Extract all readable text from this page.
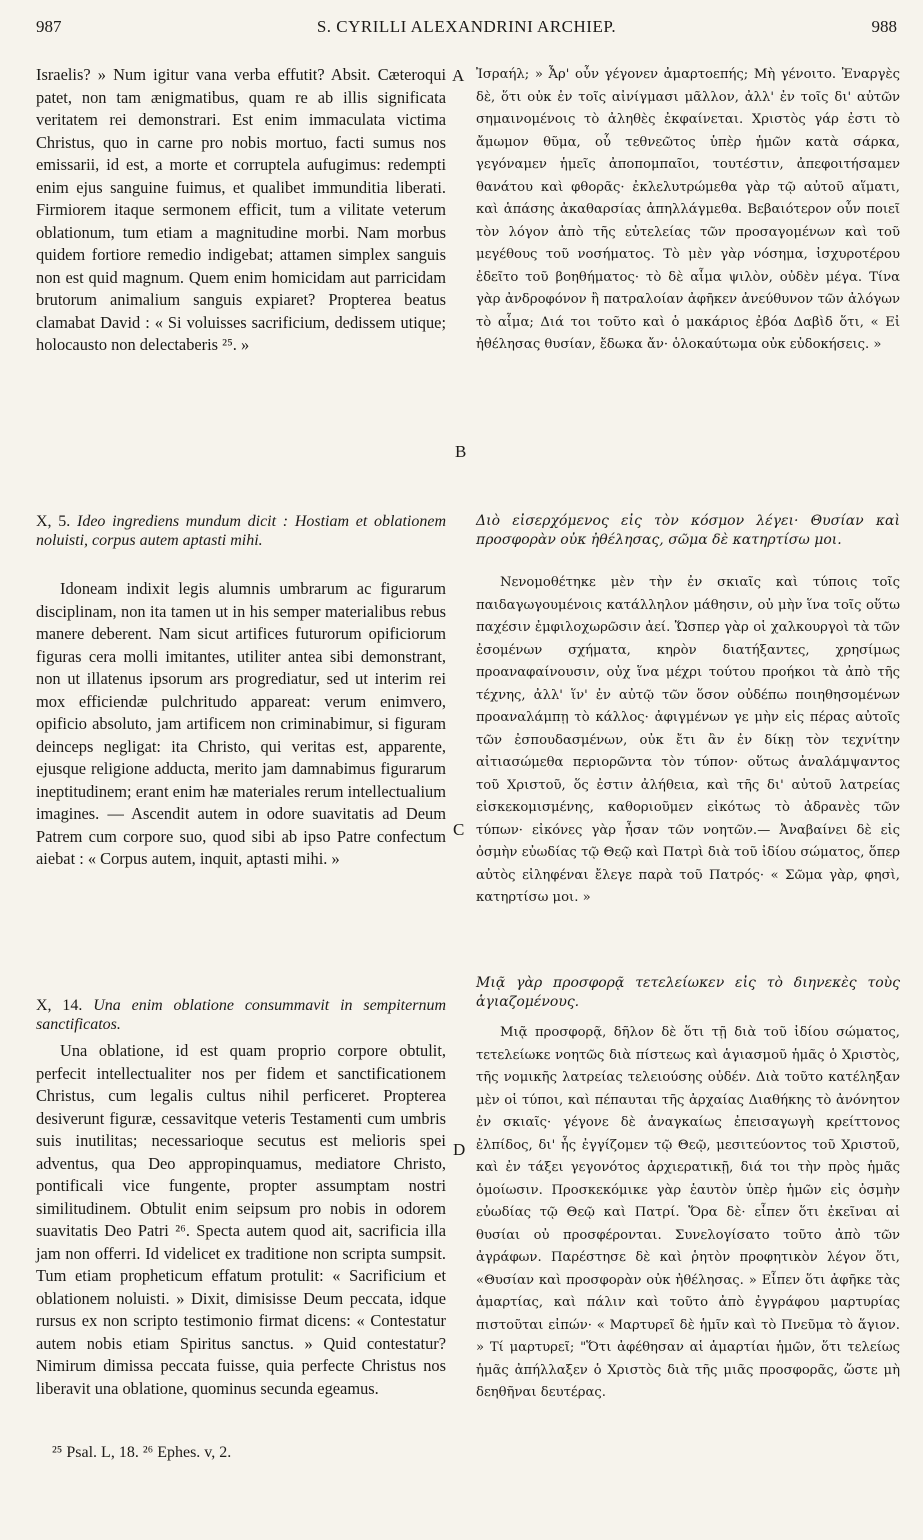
987	S. CYRILLI ALEXANDRINI ARCHIEP.	988

Israelis? » Num igitur vana verba effutit? Absit. Cæteroqui patet, non tam ænigmatibus, quam re ab illis significata veritatem rei demonstrari. Est enim immaculata victima Christus, quo in carne pro nobis mortuo, facti sumus nos emissarii, id est, a morte et corruptela aufugimus: redempti enim ejus sanguine fuimus, et qualibet immunditia liberati. Firmiorem itaque sermonem efficit, tum a vilitate veterum oblationum, tum etiam a magnitudine morbi. Nam morbus quidem fortiore remedio indigebat; attamen simplex sanguis non est quid magnum. Quem enim homicidam aut parricidam brutorum animalium sanguis expiaret? Propterea beatus clamabat David : « Si voluisses sacrificium, dedissem utique; holocausto non delectaberis ²⁵. »

X, 5. Ideo ingrediens mundum dicit : Hostiam et oblationem noluisti, corpus autem aptasti mihi.

Idoneam indixit legis alumnis umbrarum ac figurarum disciplinam, non ita tamen ut in his semper materialibus rebus manere deberent. Nam sicut artifices futurorum opificiorum figuras cera molli imitantes, utiliter antea sibi demonstrant, non ut illatenus ipsorum ars progrediatur, sed ut interim rei mox efficiendæ pulchritudo appareat: verum enimvero, opificio absoluto, jam artificem non criminabimur, si figuram deinceps negligat: ita Christo, qui veritas est, apparente, ejusque religione adducta, merito jam damnabimus figurarum ineptitudinem; erant enim hæ materiales rerum intellectualium imagines. — Ascendit autem in odore suavitatis ad Deum Patrem cum corpore suo, quod sibi ab ipso Patre confectum aiebat : « Corpus autem, inquit, aptasti mihi. »

X, 14. Una enim oblatione consummavit in sempiternum sanctificatos.

Una oblatione, id est quam proprio corpore obtulit, perfecit intellectualiter nos per fidem et sanctificationem Christus, cum legalis cultus nihil perficeret. Propterea desiverunt figuræ, cessavitque veteris Testamenti cum umbris suis inutilitas; necessarioque secutus est melioris spei adventus, qua Deo appropinquamus, mediatore Christo, pontificali vice fungente, propter assumptam nostri similitudinem. Obtulit enim seipsum pro nobis in odorem suavitatis Deo Patri ²⁶. Specta autem quod ait, sacrificia illa jam non offerri. Id videlicet ex traditione non scripta sumpsit. Tum etiam propheticum effatum protulit: « Sacrificium et oblationem noluisti. » Dixit, dimisisse Deum peccata, idque rursus ex non scripto testimonio firmat dicens: « Contestatur autem nobis etiam Spiritus sanctus. » Quid contestatur? Nimirum dimissa peccata fuisse, quia perfecte Christus nos liberavit una oblatione, quominus secunda egeamus.

Ἰσραήλ; » Ἆρ' οὖν γέγονεν ἀμαρτοεπής; Μὴ γένοιτο. Ἐναργὲς δὲ, ὅτι οὐκ ἐν τοῖς αἰνίγμασι μᾶλλον, ἀλλ' ἐν τοῖς δι' αὐτῶν σημαινομένοις τὸ ἀληθὲς ἐκφαίνεται. Χριστὸς γάρ ἐστι τὸ ἄμωμον θῦμα, οὗ τεθνεῶτος ὑπὲρ ἡμῶν κατὰ σάρκα, γεγόναμεν ἡμεῖς ἀποπομπαῖοι, τουτέστιν, ἀπεφοιτήσαμεν θανάτου καὶ φθορᾶς· ἐκλελυτρώμεθα γὰρ τῷ αὐτοῦ αἵματι, καὶ ἁπάσης ἀκαθαρσίας ἀπηλλάγμεθα. Βεβαιότερον οὖν ποιεῖ τὸν λόγον ἀπὸ τῆς εὐτελείας τῶν προσαγομένων καὶ τοῦ μεγέθους τοῦ νοσήματος. Τὸ μὲν γὰρ νόσημα, ἰσχυροτέρου ἐδεῖτο τοῦ βοηθήματος· τὸ δὲ αἷμα ψιλὸν, οὐδὲν μέγα. Τίνα γὰρ ἀνδροφόνον ἢ πατραλοίαν ἀφῆκεν ἀνεύθυνον τῶν ἀλόγων τὸ αἷμα; Διά τοι τοῦτο καὶ ὁ μακάριος ἐβόα Δαβὶδ ὅτι, « Εἰ ἠθέλησας θυσίαν, ἔδωκα ἄν· ὁλοκαύτωμα οὐκ εὐδοκήσεις. »

Διὸ εἰσερχόμενος εἰς τὸν κόσμον λέγει· Θυσίαν καὶ προσφορὰν οὐκ ἠθέλησας, σῶμα δὲ κατηρτίσω μοι.

Νενομοθέτηκε μὲν τὴν ἐν σκιαῖς καὶ τύποις τοῖς παιδαγωγουμένοις κατάλληλον μάθησιν, οὐ μὴν ἵνα τοῖς οὕτω παχέσιν ἐμφιλοχωρῶσιν ἀεί. Ὥσπερ γὰρ οἱ χαλκουργοὶ τὰ τῶν ἐσομένων σχήματα, κηρὸν διατήξαντες, χρησίμως προαναφαίνουσιν, οὐχ ἵνα μέχρι τούτου προήκοι τὰ ἀπὸ τῆς τέχνης, ἀλλ' ἵν' ἐν αὐτῷ τῶν ὅσον οὐδέπω ποιηθησομένων προαναλάμπῃ τὸ κάλλος· ἀφιγμένων γε μὴν εἰς πέρας αὐτοῖς τῶν ἐσπουδασμένων, οὐκ ἔτι ἂν ἐν δίκῃ τὸν τεχνίτην αἰτιασώμεθα περιορῶντα τὸν τύπον· οὕτως ἀναλάμψαντος τοῦ Χριστοῦ, ὅς ἐστιν ἀλήθεια, καὶ τῆς δι' αὐτοῦ λατρείας εἰσκεκομισμένης, καθοριοῦμεν εἰκότως τὸ ἀδρανὲς τῶν τύπων· εἰκόνες γὰρ ἦσαν τῶν νοητῶν.— Ἀναβαίνει δὲ εἰς ὀσμὴν εὐωδίας τῷ Θεῷ καὶ Πατρὶ διὰ τοῦ ἰδίου σώματος, ὅπερ αὐτὸς εἰληφέναι ἔλεγε παρὰ τοῦ Πατρός· « Σῶμα γὰρ, φησὶ, κατηρτίσω μοι. »

Μιᾷ γὰρ προσφορᾷ τετελείωκεν εἰς τὸ διηνεκὲς τοὺς ἁγιαζομένους.

Μιᾷ προσφορᾷ, δῆλον δὲ ὅτι τῇ διὰ τοῦ ἰδίου σώματος, τετελείωκε νοητῶς διὰ πίστεως καὶ ἁγιασμοῦ ἡμᾶς ὁ Χριστὸς, τῆς νομικῆς λατρείας τελειούσης οὐδέν. Διὰ τοῦτο κατέληξαν μὲν οἱ τύποι, καὶ πέπαυται τῆς ἀρχαίας Διαθήκης τὸ ἀνόνητον ἐν σκιαῖς· γέγονε δὲ ἀναγκαίως ἐπεισαγωγὴ κρείττονος ἐλπίδος, δι' ἧς ἐγγίζομεν τῷ Θεῷ, μεσιτεύοντος τοῦ Χριστοῦ, καὶ ἐν τάξει γεγονότος ἀρχιερατικῇ, διά τοι τὴν πρὸς ἡμᾶς ὁμοίωσιν. Προσκεκόμικε γὰρ ἑαυτὸν ὑπὲρ ἡμῶν εἰς ὀσμὴν εὐωδίας τῷ Θεῷ καὶ Πατρί. Ὅρα δὲ· εἶπεν ὅτι ἐκεῖναι αἱ θυσίαι οὐ προσφέρονται. Συνελογίσατο τοῦτο ἀπὸ τῶν ἀγράφων. Παρέστησε δὲ καὶ ῥητὸν προφητικὸν λέγον ὅτι, «Θυσίαν καὶ προσφορὰν οὐκ ἠθέλησας. » Εἶπεν ὅτι ἀφῆκε τὰς ἁμαρτίας, καὶ πάλιν καὶ τοῦτο ἀπὸ ἐγγράφου μαρτυρίας πιστοῦται εἰπών· « Μαρτυρεῖ δὲ ἡμῖν καὶ τὸ Πνεῦμα τὸ ἅγιον. » Τί μαρτυρεῖ; "Ὅτι ἀφέθησαν αἱ ἁμαρτίαι ἡμῶν, ὅτι τελείως ἡμᾶς ἀπήλλαξεν ὁ Χριστὸς διὰ τῆς μιᾶς προσφορᾶς, ὥστε μὴ δεηθῆναι δευτέρας.

A
B
C
D
²⁵ Psal. L, 18. ²⁶ Ephes. v, 2.
